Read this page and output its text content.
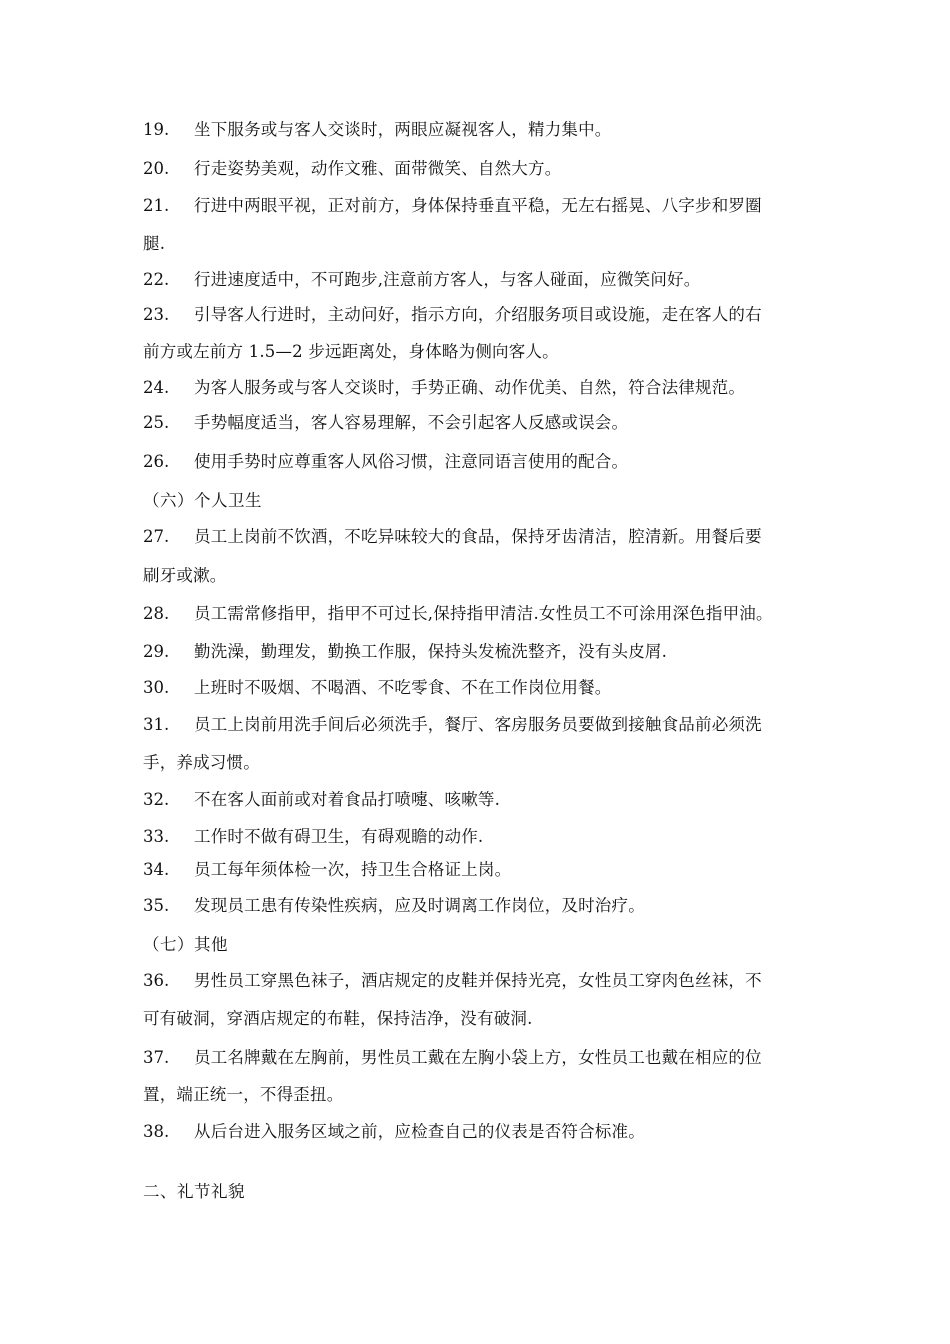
19. 坐下服务或与客人交谈时，两眼应凝视客人，精力集中。
20. 行走姿势美观，动作文雅、面带微笑、自然大方。
21. 行进中两眼平视，正对前方，身体保持垂直平稳，无左右摇晃、八字步和罗圈
腿.
22. 行进速度适中，不可跑步,注意前方客人，与客人碰面，应微笑问好。
23. 引导客人行进时，主动问好，指示方向，介绍服务项目或设施，走在客人的右
前方或左前方 1.5—2 步远距离处，身体略为侧向客人。
24. 为客人服务或与客人交谈时，手势正确、动作优美、自然，符合法律规范。
25. 手势幅度适当，客人容易理解，不会引起客人反感或误会。
26. 使用手势时应尊重客人风俗习惯，注意同语言使用的配合。
（六）个人卫生
27. 员工上岗前不饮酒，不吃异味较大的食品，保持牙齿清洁，腔清新。用餐后要
刷牙或漱。
28. 员工需常修指甲，指甲不可过长,保持指甲清洁.女性员工不可涂用深色指甲油。
29. 勤洗澡，勤理发，勤换工作服，保持头发梳洗整齐，没有头皮屑.
30. 上班时不吸烟、不喝酒、不吃零食、不在工作岗位用餐。
31. 员工上岗前用洗手间后必须洗手，餐厅、客房服务员要做到接触食品前必须洗
手，养成习惯。
32. 不在客人面前或对着食品打喷嚏、咳嗽等.
33. 工作时不做有碍卫生，有碍观瞻的动作.
34. 员工每年须体检一次，持卫生合格证上岗。
35. 发现员工患有传染性疾病，应及时调离工作岗位，及时治疗。
（七）其他
36. 男性员工穿黑色袜子，酒店规定的皮鞋并保持光亮，女性员工穿肉色丝袜，不
可有破洞，穿酒店规定的布鞋，保持洁净，没有破洞.
37. 员工名牌戴在左胸前，男性员工戴在左胸小袋上方，女性员工也戴在相应的位
置，端正统一，不得歪扭。
38. 从后台进入服务区域之前，应检查自己的仪表是否符合标准。
二、礼节礼貌
